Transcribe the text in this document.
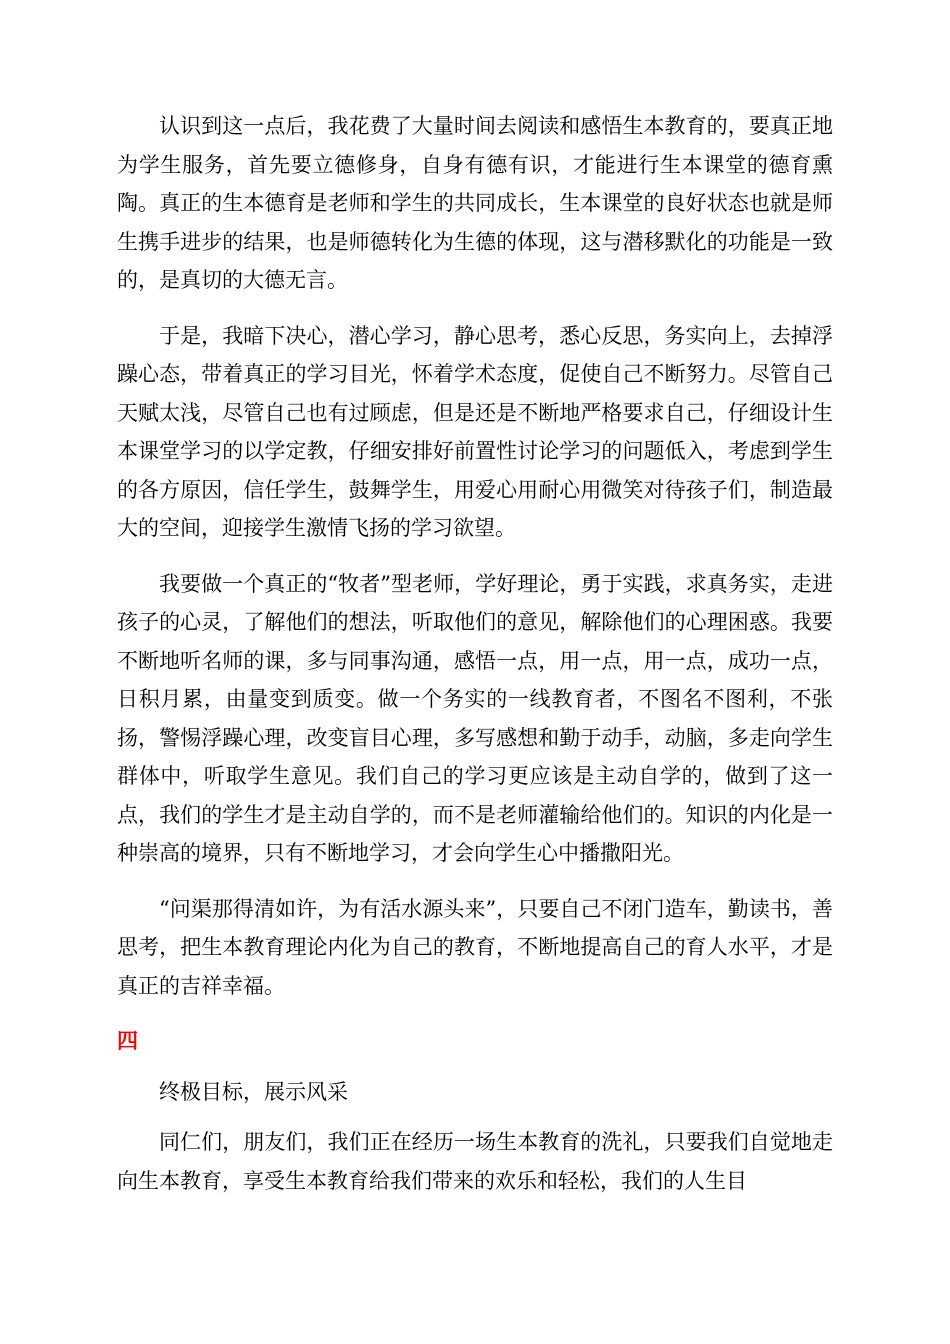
认识到这一点后，我花费了大量时间去阅读和感悟生本教育的，要真正地为学生服务，首先要立德修身，自身有德有识，才能进行生本课堂的德育熏陶。真正的生本德育是老师和学生的共同成长，生本课堂的良好状态也就是师生携手进步的结果，也是师德转化为生德的体现，这与潜移默化的功能是一致的，是真切的大德无言。

于是，我暗下决心，潜心学习，静心思考，悉心反思，务实向上，去掉浮躁心态，带着真正的学习目光，怀着学术态度，促使自己不断努力。尽管自己天赋太浅，尽管自己也有过顾虑，但是还是不断地严格要求自己，仔细设计生本课堂学习的以学定教，仔细安排好前置性讨论学习的问题低入，考虑到学生的各方原因，信任学生，鼓舞学生，用爱心用耐心用微笑对待孩子们，制造最大的空间，迎接学生激情飞扬的学习欲望。

我要做一个真正的“牧者”型老师，学好理论，勇于实践，求真务实，走进孩子的心灵，了解他们的想法，听取他们的意见，解除他们的心理困惑。我要不断地听名师的课，多与同事沟通，感悟一点，用一点，用一点，成功一点，日积月累，由量变到质变。做一个务实的一线教育者，不图名不图利，不张扬，警惕浮躁心理，改变盲目心理，多写感想和勤于动手，动脑，多走向学生群体中，听取学生意见。我们自己的学习更应该是主动自学的，做到了这一点，我们的学生才是主动自学的，而不是老师灌输给他们的。知识的内化是一种崇高的境界，只有不断地学习，才会向学生心中播撒阳光。

“问渠那得清如许，为有活水源头来”，只要自己不闭门造车，勤读书，善思考，把生本教育理论内化为自己的教育，不断地提高自己的育人水平，才是真正的吉祥幸福。

四
终极目标，展示风采

同仁们，朋友们，我们正在经历一场生本教育的洗礼，只要我们自觉地走向生本教育，享受生本教育给我们带来的欢乐和轻松，我们的人生目
